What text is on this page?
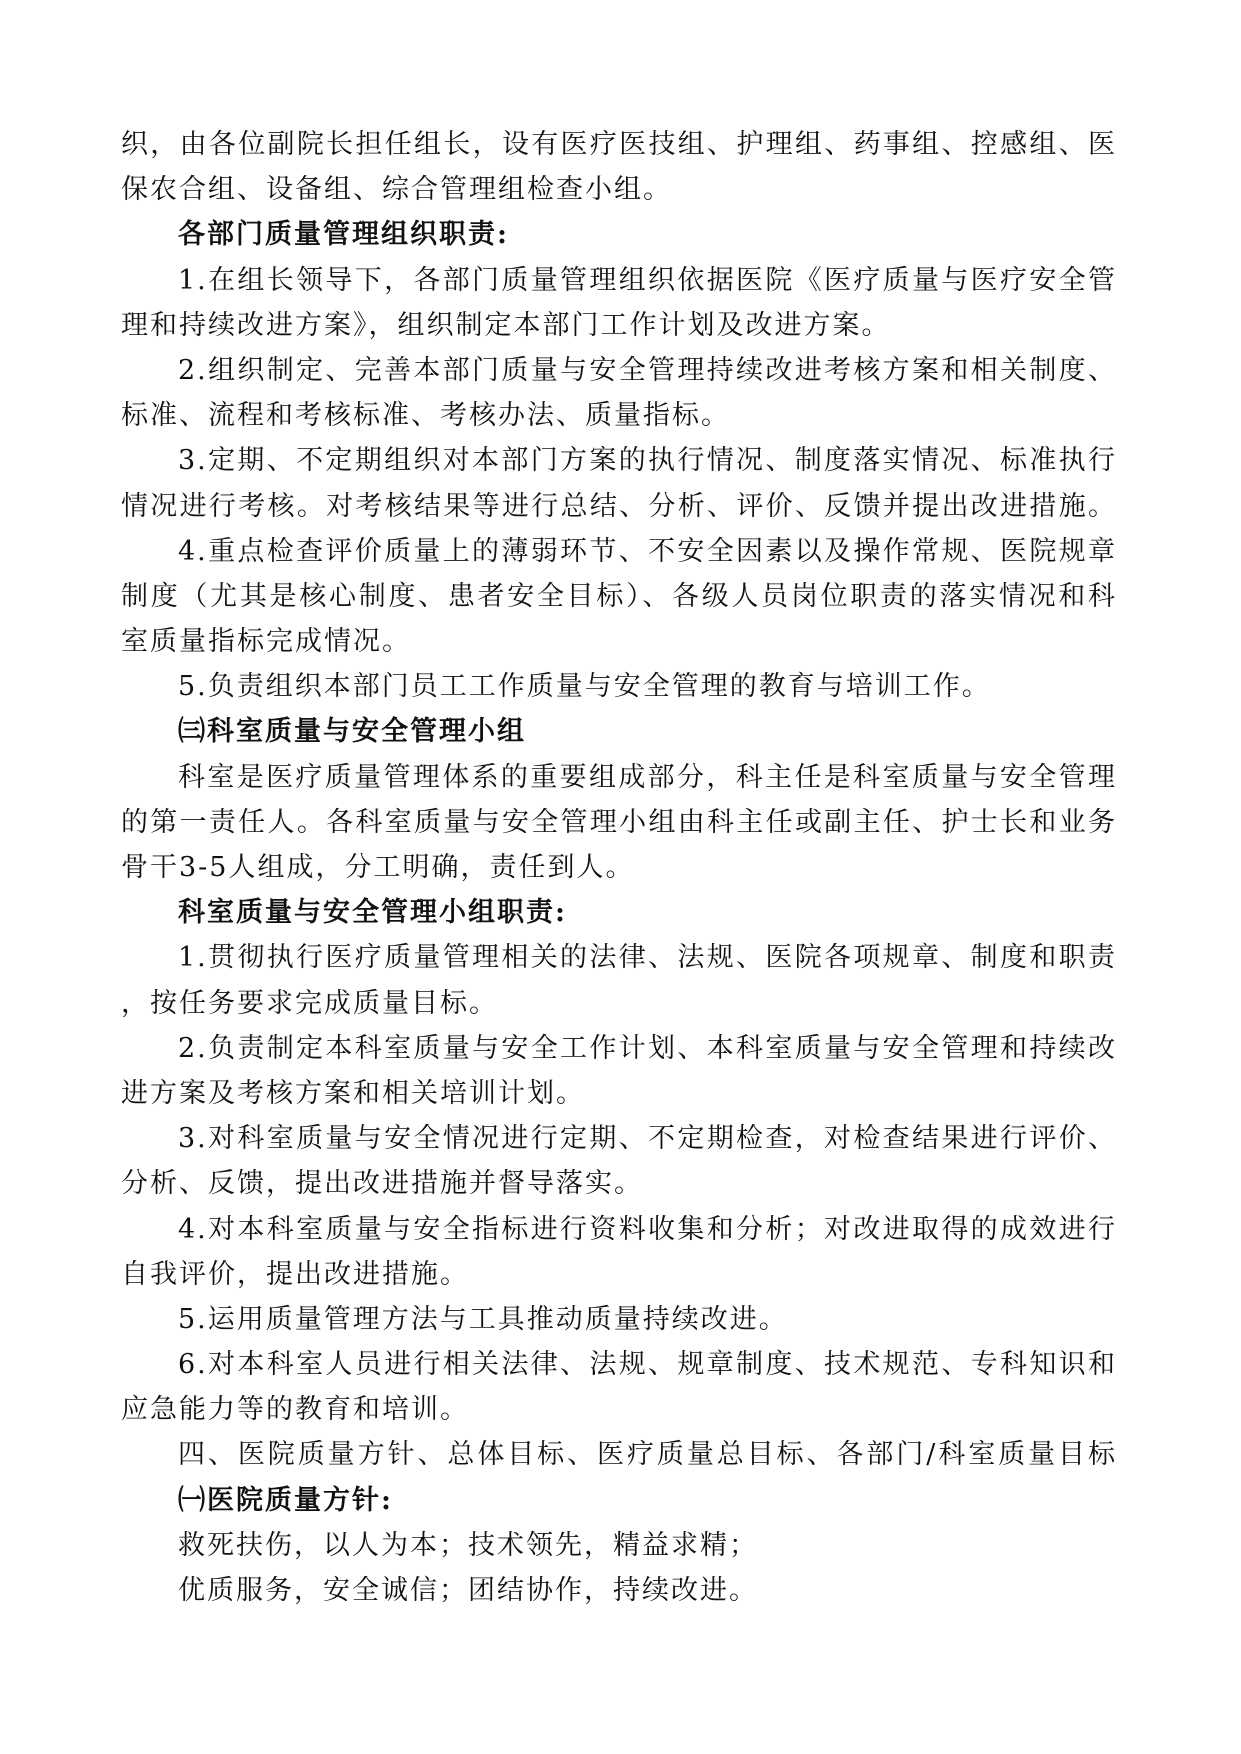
织，由各位副院长担任组长，设有医疗医技组、护理组、药事组、控感组、医
保农合组、设备组、综合管理组检查小组。
各部门质量管理组织职责:
1.在组长领导下，各部门质量管理组织依据医院《医疗质量与医疗安全管
理和持续改进方案》，组织制定本部门工作计划及改进方案。
2.组织制定、完善本部门质量与安全管理持续改进考核方案和相关制度、
标准、流程和考核标准、考核办法、质量指标。
3.定期、不定期组织对本部门方案的执行情况、制度落实情况、标准执行
情况进行考核。对考核结果等进行总结、分析、评价、反馈并提出改进措施。
4.重点检查评价质量上的薄弱环节、不安全因素以及操作常规、医院规章
制度（尤其是核心制度、患者安全目标）、各级人员岗位职责的落实情况和科
室质量指标完成情况。
5.负责组织本部门员工工作质量与安全管理的教育与培训工作。
㈢科室质量与安全管理小组
科室是医疗质量管理体系的重要组成部分，科主任是科室质量与安全管理
的第一责任人。各科室质量与安全管理小组由科主任或副主任、护士长和业务
骨干3-5人组成，分工明确，责任到人。
科室质量与安全管理小组职责:
1.贯彻执行医疗质量管理相关的法律、法规、医院各项规章、制度和职责
，按任务要求完成质量目标。
2.负责制定本科室质量与安全工作计划、本科室质量与安全管理和持续改
进方案及考核方案和相关培训计划。
3.对科室质量与安全情况进行定期、不定期检查，对检查结果进行评价、
分析、反馈，提出改进措施并督导落实。
4.对本科室质量与安全指标进行资料收集和分析；对改进取得的成效进行
自我评价，提出改进措施。
5.运用质量管理方法与工具推动质量持续改进。
6.对本科室人员进行相关法律、法规、规章制度、技术规范、专科知识和
应急能力等的教育和培训。
四、医院质量方针、总体目标、医疗质量总目标、各部门/科室质量目标
㈠医院质量方针:
救死扶伤，以人为本；技术领先，精益求精；
优质服务，安全诚信；团结协作，持续改进。
